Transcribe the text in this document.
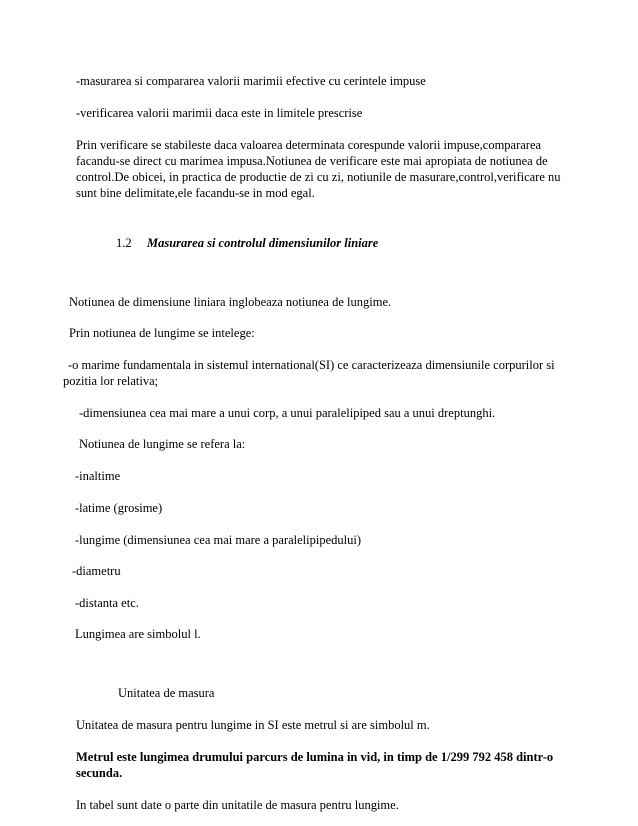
-masurarea si compararea valorii marimii efective cu cerintele impuse

-verificarea valorii marimii daca este in limitele prescrise

Prin verificare se stabileste daca valoarea determinata corespunde valorii impuse,compararea facandu-se direct cu marimea impusa.Notiunea de verificare este mai apropiata de notiunea de control.De obicei, in practica de productie de zi cu zi, notiunile de masurare,control,verificare nu sunt bine delimitate,ele facandu-se in mod egal.

1.2 Masurarea si controlul dimensiunilor liniare

Notiunea de dimensiune liniara inglobeaza notiunea de lungime.

Prin notiunea de lungime se intelege:

-o marime fundamentala in sistemul international(SI) ce caracterizeaza dimensiunile corpurilor si pozitia lor relativa;

-dimensiunea cea mai mare a unui corp, a unui paralelipiped sau a unui dreptunghi.

Notiunea de lungime se refera la:

-inaltime

-latime (grosime)

-lungime (dimensiunea cea mai mare a paralelipipedului)

-diametru

-distanta etc.

Lungimea are simbolul l.

Unitatea de masura

Unitatea de masura pentru lungime in SI este metrul si are simbolul m.

Metrul este lungimea drumului parcurs de lumina in vid, in timp de 1/299 792 458 dintr-o secunda.

In tabel sunt date o parte din unitatile de masura pentru lungime.
